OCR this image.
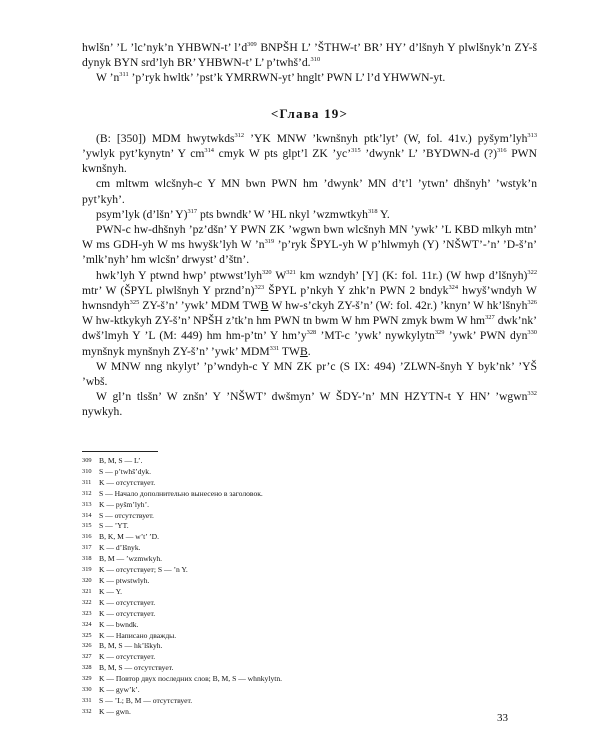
hwlšn’ ’L ’lc’nyk’n YHBWN-t’ $l’d^{309}$ BNPŠH L’ ’ŠTHW-t’ BR’ HY’ d’lšnyh Y plwlšnyk’n ZY-š dynyk BYN srd’lyh BR’ YHBWN-t’ L’ p’twhš’d.$^{310}$

W $’n^{311}$ ’p’ryk hwltk’ ’pst’k YMRRWN-yt’ hnglt’ PWN L’ l’d YHWWN-yt.

<Глава 19>

(B: [350]) MDM hwytwkds$^{312}$ ’YK MNW ’kwnšnyh ptk’lyt’ (W, fol. 41v.) pyšym’lyh$^{313}$ ’ywlyk pyt’kynytn’ Y $cm^{314}$ cmyk W pts glpt’l ZK ’yc’$^{315}$ ’dwynk’ L’ ’BYDWN-d (?)$^{316}$ PWN kwnšnyh.

cm mltwm wlcšnyh-c Y MN bwn PWN hm ’dwynk’ MN d’t’l ’ytwn’ dhšnyh’ ’wstyk’n pyt’kyh’.

psym’lyk (d’lšn’ Y)$^{317}$ pts bwndk’ W ’HL nkyl ’wzmwtkyh$^{318}$ Y.

PWN-c hw-dhšnyh ’pz’dšn’ Y PWN ZK ’wgwn bwn wlcšnyh MN ’ywk’ ’L KBD mlkyh mtn’ W ms GDH-yh W ms hwyšk’lyh W $’n^{319}$ ’p’ryk ŠPYL-yh W p’hlwmyh (Y) ’NŠWT’-’n’ ’D-š’n’ ’mlk’nyh’ hm wlcšn’ drwyst’ d’štn’.

hwk’lyh Y ptwnd hwp’ ptwwst’lyh$^{320}$ $W^{321}$ km wzndyh’ [Y] (K: fol. 11r.) (W hwp d’lšnyh)$^{322}$ mtr’ W (ŠPYL plwlšnyh Y przndʼn)$^{323}$ ŠPYL p’nkyh Y zhk’n PWN 2 bndyk$^{324}$ hwyš’wndyh W hwnsndyh$^{325}$ ZY-š’n’ ’ywk’ MDM TWB W hw-s’ckyh ZY-š’n’ (W: fol. 42r.) ’knyn’ W hk’lšnyh$^{326}$ W hw-ktkykyh ZY-š’n’ NPŠH z’tk’n hm PWN tn bwm W hm PWN zmyk bwm W $hm^{327}$ dwk’nk’ dwš’lmyh Y ’L (M: 449) hm hm-p’tn’ Y $hm’y^{328}$ ’MT-c ’ywk’ nywkylytn$^{329}$ ’ywk’ PWN dyn$^{330}$ mynšnyk mynšnyh ZY-š’n’ ’ywk’ MDM$^{331}$ TWB.

W MNW nng nkylyt’ ’p’wndyh-c Y MN ZK pr’c (S IX: 494) ’ZLWN-šnyh Y byk’nk’ ’YŠ ’wbš.

W gl’n tlsšn’ W znšn’ Y ’NŠWT’ dwšmyn’ W ŠDY-’n’ MN HZYTN-t Y HN’ ’wgwn$^{332}$ nywkyh.

309 B, M, S — L’.
310 S — p’twhš’dyk.
311 K — отсутствует.
312 S — Начало дополнительно вынесено в заголовок.
313 K — pyšm’lyh’.
314 S — отсутствует.
315 S — ’YT.
316 B, K, M — w’t’ ’D.
317 K — d’lšnyk.
318 B, M — ’wzmwkyh.
319 K — отсутствует; S — ’n Y.
320 K — ptwstwlyh.
321 K — Y.
322 K — отсутствует.
323 K — отсутствует.
324 K — bwndk.
325 K — Написано дважды.
326 B, M, S — hk’lškyh.
327 K — отсутствует.
328 B, M, S — отсутствует.
329 K — Повтор двух последних слов; B, M, S — whnkylytn.
330 K — gyw’k’.
331 S — ’L; B, M — отсутствует.
332 K — gwn.
33
